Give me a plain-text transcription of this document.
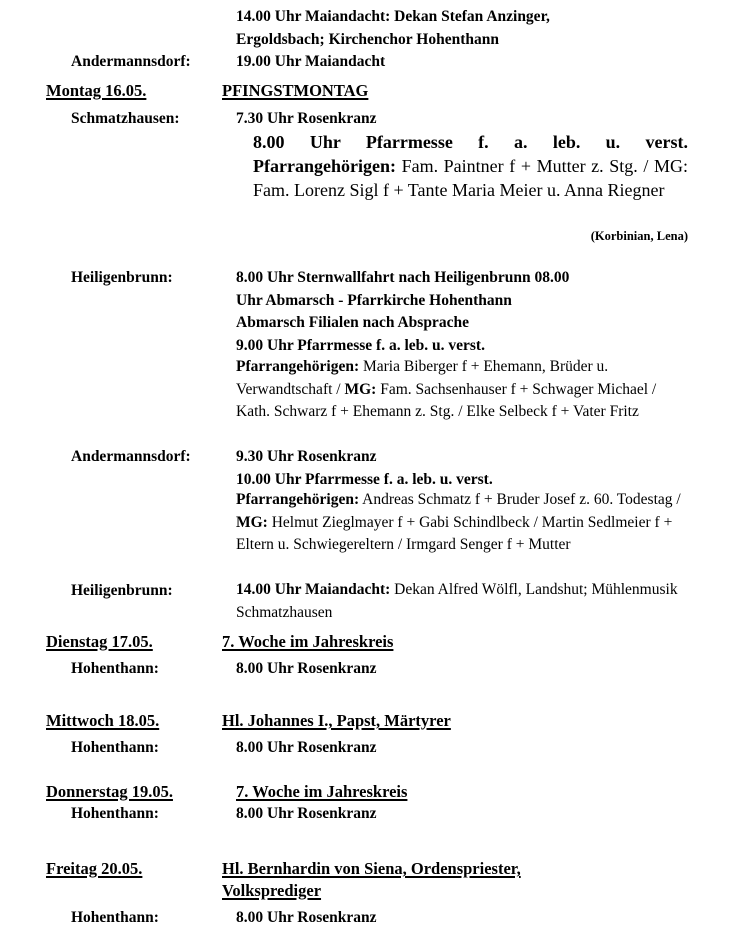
14.00 Uhr Maiandacht: Dekan Stefan Anzinger,
Ergoldsbach; Kirchenchor Hohenthann
Andermannsdorf:	19.00 Uhr Maiandacht
Montag 16.05.	PFINGSTMONTAG
Schmatzhausen:	7.30 Uhr Rosenkranz
8.00 Uhr Pfarrmesse f. a. leb. u. verst. Pfarrangehörigen: Fam. Paintner f + Mutter z. Stg. / MG: Fam. Lorenz Sigl f + Tante Maria Meier u. Anna Riegner
(Korbinian, Lena)
Heiligenbrunn:	8.00 Uhr Sternwallfahrt nach Heiligenbrunn 08.00
Uhr Abmarsch - Pfarrkirche Hohenthann
Abmarsch Filialen nach Absprache
9.00 Uhr Pfarrmesse f. a. leb. u. verst.
Pfarrangehörigen: Maria Biberger f + Ehemann, Brüder u. Verwandtschaft / MG: Fam. Sachsenhauser f + Schwager Michael / Kath. Schwarz f + Ehemann z. Stg. / Elke Selbeck f + Vater Fritz
Andermannsdorf:	9.30 Uhr Rosenkranz
10.00 Uhr Pfarrmesse f. a. leb. u. verst.
Pfarrangehörigen: Andreas Schmatz f + Bruder Josef z. 60. Todestag / MG: Helmut Zieglmayer f + Gabi Schindlbeck / Martin Sedlmeier f + Eltern u. Schwiegereltern / Irmgard Senger f + Mutter
Heiligenbrunn:	14.00 Uhr Maiandacht: Dekan Alfred Wölfl, Landshut; Mühlenmusik Schmatzhausen
Dienstag 17.05.	7. Woche im Jahreskreis
Hohenthann:	8.00 Uhr Rosenkranz
Mittwoch 18.05.	Hl. Johannes I., Papst, Märtyrer
Hohenthann:	8.00 Uhr Rosenkranz
Donnerstag 19.05.	7. Woche im Jahreskreis
Hohenthann:	8.00 Uhr Rosenkranz
Freitag 20.05.	Hl. Bernhardin von Siena, Ordenspriester,
Volksprediger
Hohenthann:	8.00 Uhr Rosenkranz
